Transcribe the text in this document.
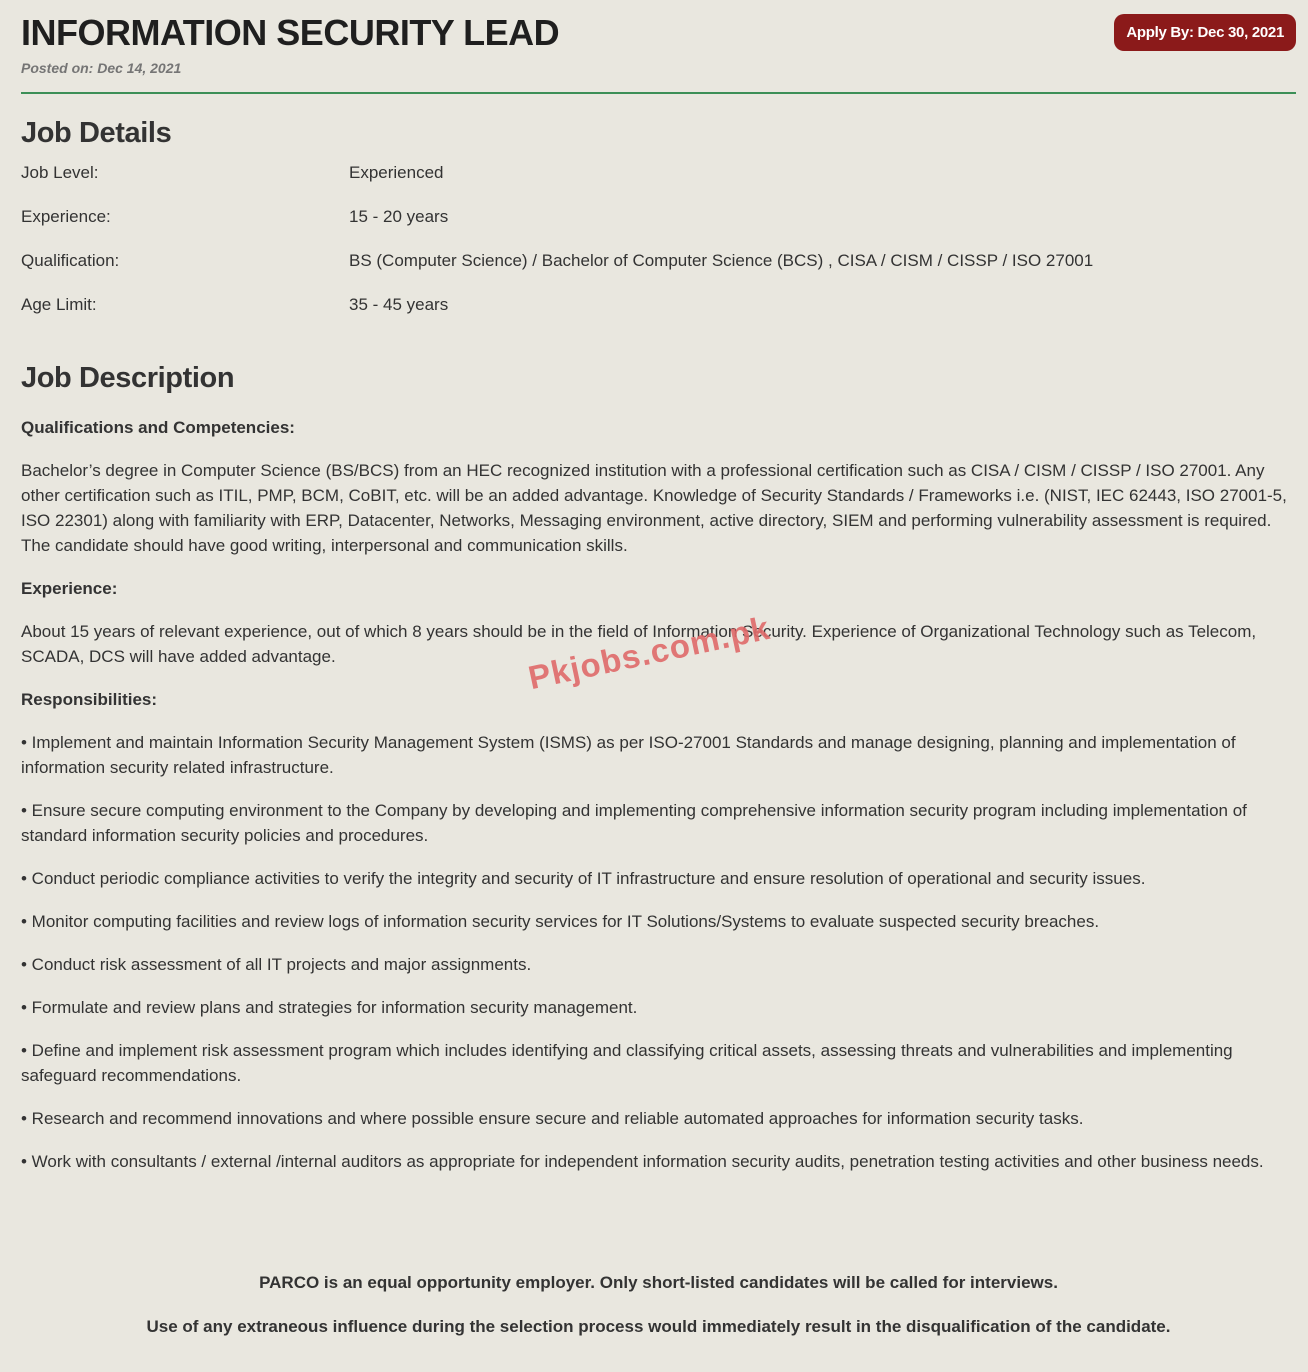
INFORMATION SECURITY LEAD
Posted on: Dec 14, 2021
Apply By: Dec 30, 2021
Job Details
Job Level:	Experienced
Experience:	15 - 20 years
Qualification:	BS (Computer Science) / Bachelor of Computer Science (BCS) , CISA / CISM / CISSP / ISO 27001
Age Limit:	35 - 45 years
Job Description

Qualifications and Competencies:

Bachelor’s degree in Computer Science (BS/BCS) from an HEC recognized institution with a professional certification such as CISA / CISM / CISSP / ISO 27001. Any other certification such as ITIL, PMP, BCM, CoBIT, etc. will be an added advantage. Knowledge of Security Standards / Frameworks i.e. (NIST, IEC 62443, ISO 27001-5, ISO 22301) along with familiarity with ERP, Datacenter, Networks, Messaging environment, active directory, SIEM and performing vulnerability assessment is required. The candidate should have good writing, interpersonal and communication skills.

Experience:

About 15 years of relevant experience, out of which 8 years should be in the field of Information Security. Experience of Organizational Technology such as Telecom, SCADA, DCS will have added advantage.

Responsibilities:

• Implement and maintain Information Security Management System (ISMS) as per ISO-27001 Standards and manage designing, planning and implementation of information security related infrastructure.

• Ensure secure computing environment to the Company by developing and implementing comprehensive information security program including implementation of standard information security policies and procedures.

• Conduct periodic compliance activities to verify the integrity and security of IT infrastructure and ensure resolution of operational and security issues.

• Monitor computing facilities and review logs of information security services for IT Solutions/Systems to evaluate suspected security breaches.

• Conduct risk assessment of all IT projects and major assignments.

• Formulate and review plans and strategies for information security management.

• Define and implement risk assessment program which includes identifying and classifying critical assets, assessing threats and vulnerabilities and implementing safeguard recommendations.

• Research and recommend innovations and where possible ensure secure and reliable automated approaches for information security tasks.

• Work with consultants / external /internal auditors as appropriate for independent information security audits, penetration testing activities and other business needs.

PARCO is an equal opportunity employer. Only short-listed candidates will be called for interviews.

Use of any extraneous influence during the selection process would immediately result in the disqualification of the candidate.

Pkjobs.com.pk
